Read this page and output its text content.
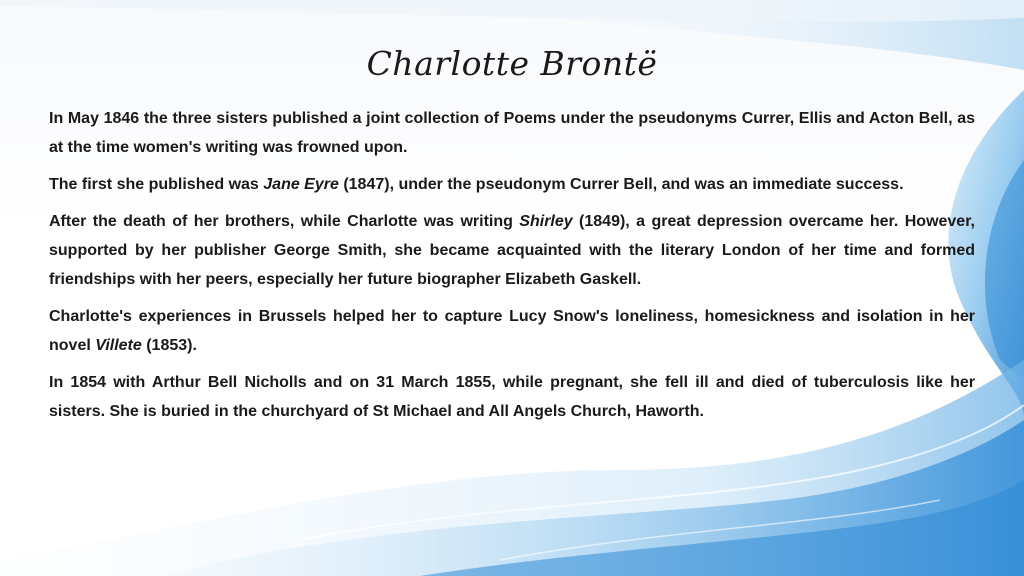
Charlotte Brontë

In May 1846 the three sisters published a joint collection of Poems under the pseudonyms Currer, Ellis and Acton Bell, as at the time women's writing was frowned upon.

The first she published was Jane Eyre (1847), under the pseudonym Currer Bell, and was an immediate success.

After the death of her brothers, while Charlotte was writing Shirley (1849), a great depression overcame her. However, supported by her publisher George Smith, she became acquainted with the literary London of her time and formed friendships with her peers, especially her future biographer Elizabeth Gaskell.

Charlotte's experiences in Brussels helped her to capture Lucy Snow's loneliness, homesickness and isolation in her novel Villete (1853).

In 1854 with Arthur Bell Nicholls and on 31 March 1855, while pregnant, she fell ill and died of tuberculosis like her sisters. She is buried in the churchyard of St Michael and All Angels Church, Haworth.
